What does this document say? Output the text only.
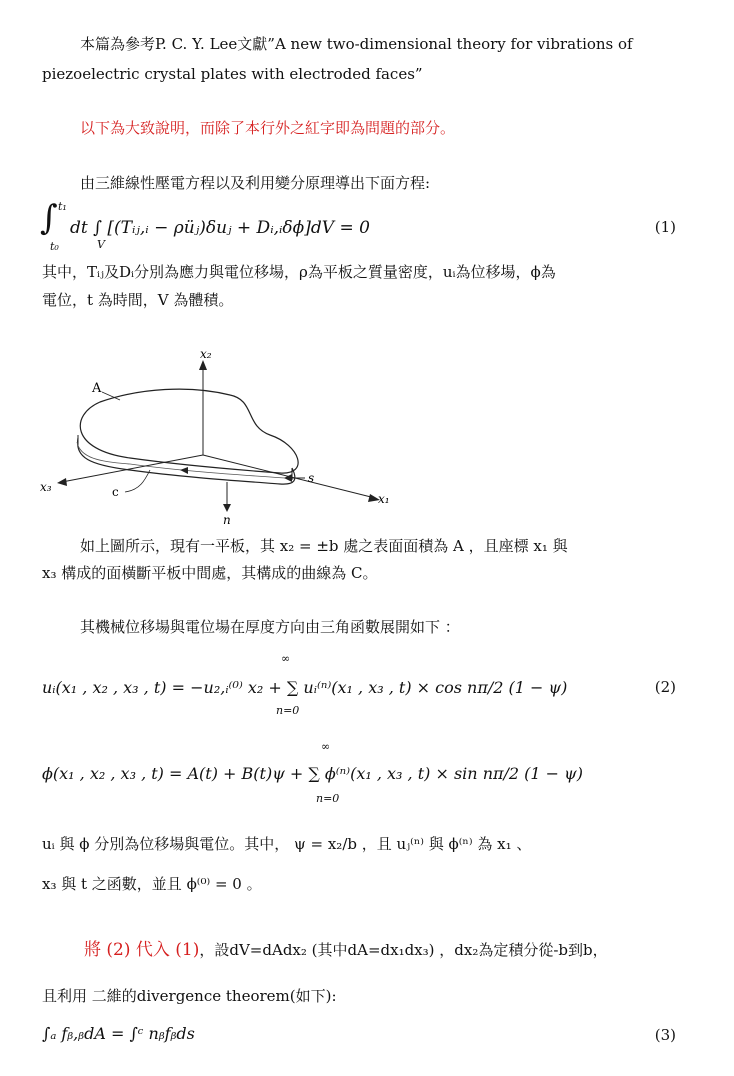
本篇為參考P. C. Y. Lee文獻”A new two-dimensional theory for vibrations of
piezoelectric crystal plates with electroded faces”
以下為大致說明，而除了本行外之紅字即為問題的部分。
由三維線性壓電方程以及利用變分原理導出下面方程:
∫ t₁
t₀	V
dt ∫ [(Tᵢⱼ,ᵢ − ρüⱼ)δuⱼ + Dᵢ,ᵢδϕ]dV = 0	(1)
其中，Tᵢⱼ及Dᵢ分別為應力與電位移場，ρ為平板之質量密度，uᵢ為位移場，ϕ為
電位，t 為時間，V 為體積。
x₂
x₁
x₃
A
c
s
n
如上圖所示，現有一平板，其 x₂ = ±b 處之表面面積為 A ，且座標 x₁ 與
x₃ 構成的面橫斷平板中間處，其構成的曲線為 C。
其機械位移場與電位場在厚度方向由三角函數展開如下 ：
∞
n=0
uᵢ(x₁ , x₂ , x₃ , t) = −u₂,ᵢ⁽⁰⁾ x₂ + ∑ uᵢ⁽ⁿ⁾(x₁ , x₃ , t) × cos nπ/2 (1 − ψ)	(2)
∞
n=0
ϕ(x₁ , x₂ , x₃ , t) = A(t) + B(t)ψ + ∑ ϕ⁽ⁿ⁾(x₁ , x₃ , t) × sin nπ/2 (1 − ψ)
uᵢ 與 ϕ 分別為位移場與電位。其中， ψ = x₂/b ，且 uⱼ⁽ⁿ⁾ 與 ϕ⁽ⁿ⁾ 為 x₁ 、
x₃ 與 t 之函數，並且 ϕ⁽⁰⁾ = 0 。
將 (2) 代入 (1)，設dV=dAdx₂ (其中dA=dx₁dx₃) ，dx₂為定積分從-b到b，
且利用 二維的divergence theorem(如下):
∫ₐ fᵦ,ᵦdA = ∫ᶜ nᵦfᵦds	(3)
